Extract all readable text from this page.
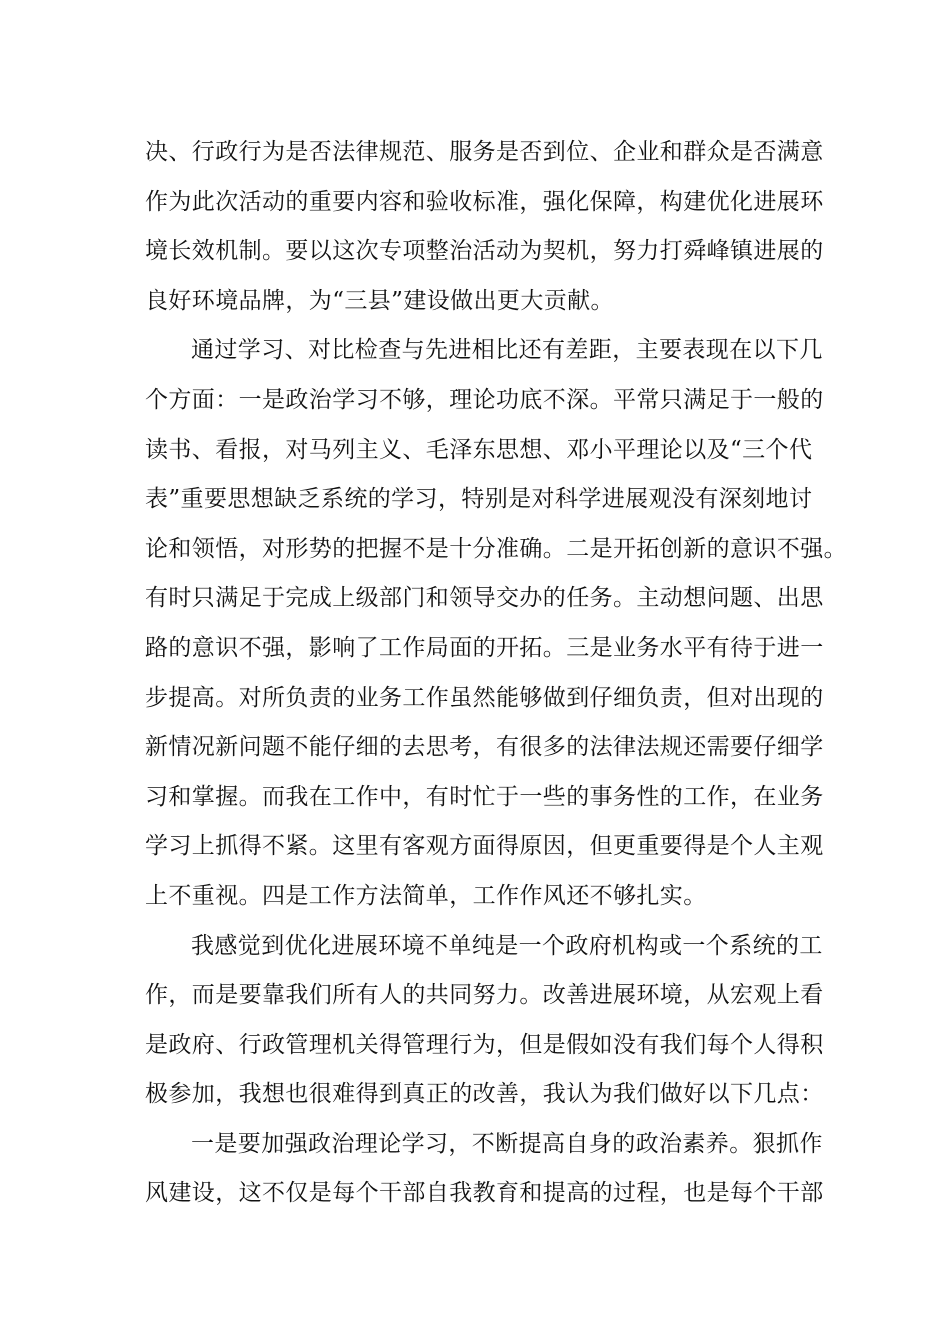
决、行政行为是否法律规范、服务是否到位、企业和群众是否满意
作为此次活动的重要内容和验收标准，强化保障，构建优化进展环
境长效机制。要以这次专项整治活动为契机，努力打舜峰镇进展的
良好环境品牌，为“三县”建设做出更大贡献。
通过学习、对比检查与先进相比还有差距，主要表现在以下几
个方面：一是政治学习不够，理论功底不深。平常只满足于一般的
读书、看报，对马列主义、毛泽东思想、邓小平理论以及“三个代
表”重要思想缺乏系统的学习，特别是对科学进展观没有深刻地讨
论和领悟，对形势的把握不是十分准确。二是开拓创新的意识不强。
有时只满足于完成上级部门和领导交办的任务。主动想问题、出思
路的意识不强，影响了工作局面的开拓。三是业务水平有待于进一
步提高。对所负责的业务工作虽然能够做到仔细负责，但对出现的
新情况新问题不能仔细的去思考，有很多的法律法规还需要仔细学
习和掌握。而我在工作中，有时忙于一些的事务性的工作，在业务
学习上抓得不紧。这里有客观方面得原因，但更重要得是个人主观
上不重视。四是工作方法简单，工作作风还不够扎实。
我感觉到优化进展环境不单纯是一个政府机构或一个系统的工
作，而是要靠我们所有人的共同努力。改善进展环境，从宏观上看
是政府、行政管理机关得管理行为，但是假如没有我们每个人得积
极参加，我想也很难得到真正的改善，我认为我们做好以下几点：
一是要加强政治理论学习，不断提高自身的政治素养。狠抓作
风建设，这不仅是每个干部自我教育和提高的过程，也是每个干部
